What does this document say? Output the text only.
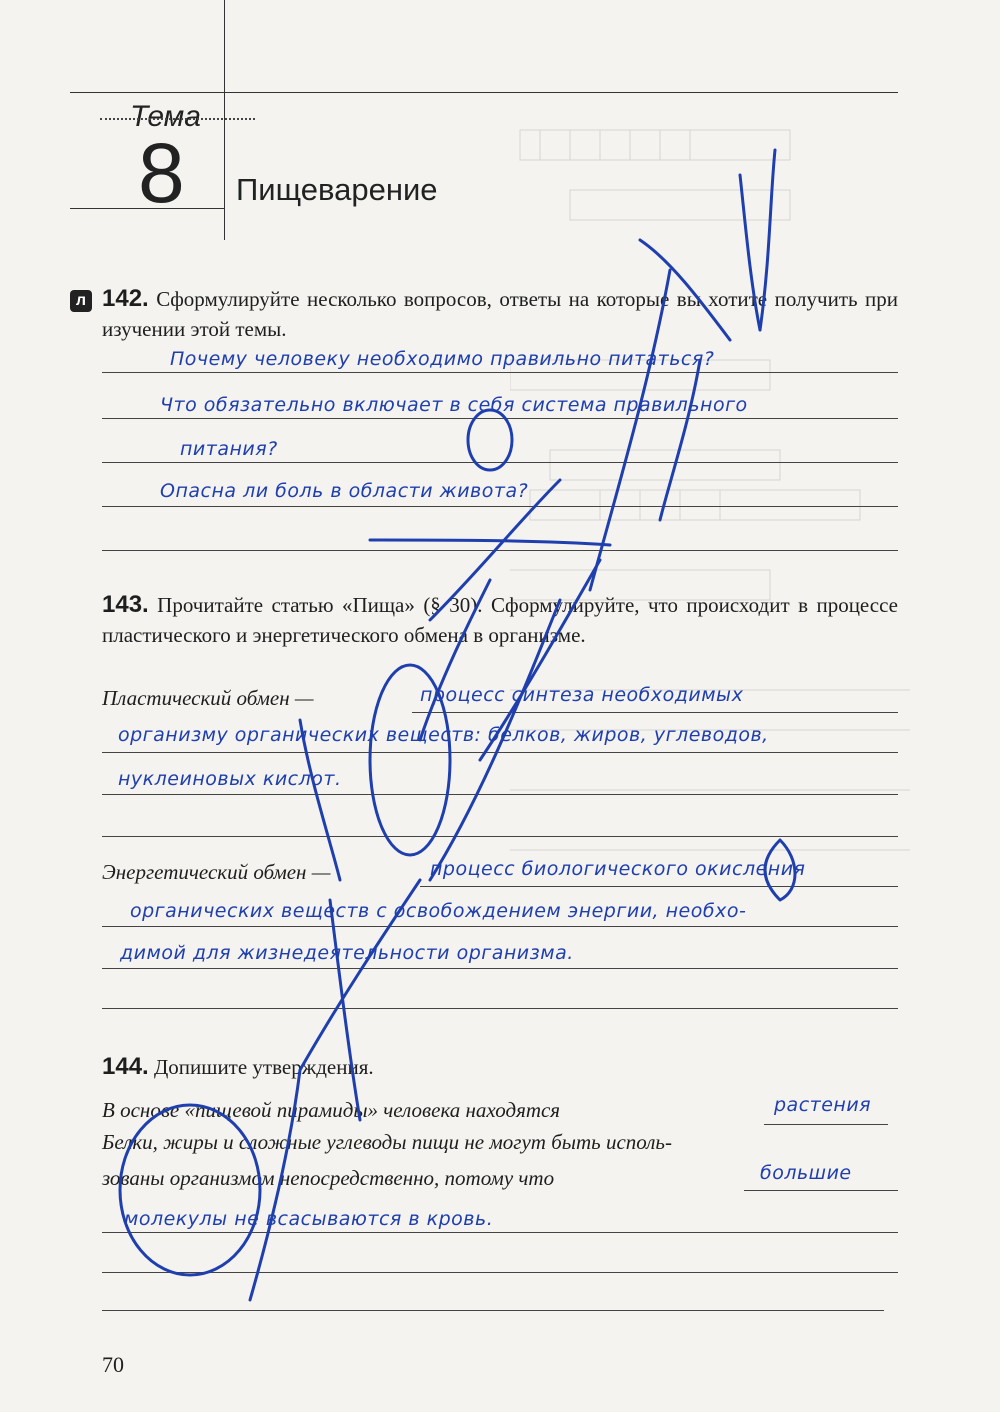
Тема
8 Пищеварение
л 142. Сформулируйте несколько вопросов, ответы на которые вы хотите получить при изучении этой темы.
Почему человеку необходимо правильно питаться?
Что обязательно включает в себя система правильного
питания?
Опасна ли боль в области живота?
143. Прочитайте статью «Пища» (§ 30). Сформулируйте, что происходит в процессе пластического и энергетического обмена в организме.
Пластический обмен —	процесс синтеза необходимых
организму органических веществ: белков, жиров, углеводов,
нуклеиновых кислот.
Энергетический обмен —	процесс биологического окисления
органических веществ с освобождением энергии, необхо-
димой для жизнедеятельности организма.
144. Допишите утверждения.
В основе «пищевой пирамиды» человека находятся	растения
Белки, жиры и сложные углеводы пищи не могут быть исполь-
зованы организмом непосредственно, потому что	большие
молекулы не всасываются в кровь.
70
